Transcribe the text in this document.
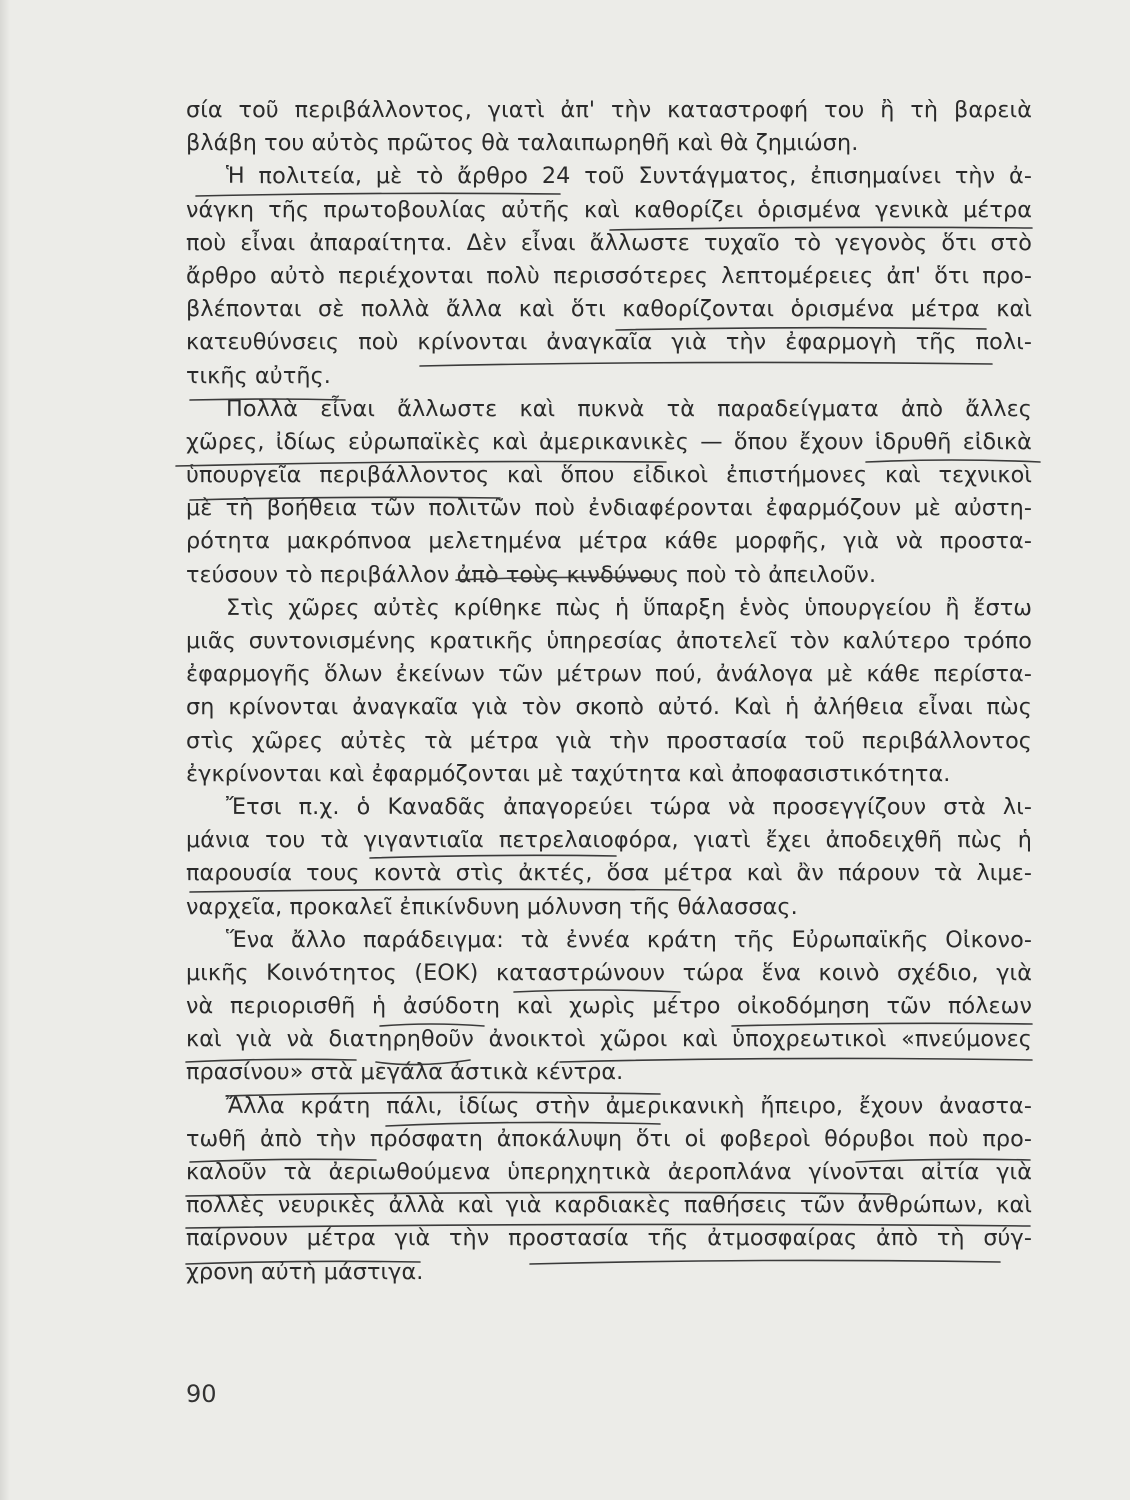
σία τοῦ περιβάλλοντος, γιατὶ ἀπ' τὴν καταστροφή του ἢ τὴ βαρειὰ
βλάβη του αὐτὸς πρῶτος θὰ ταλαιπωρηθῆ καὶ θὰ ζημιώση.
Ἡ πολιτεία, μὲ τὸ ἄρθρο 24 τοῦ Συντάγματος, ἐπισημαίνει τὴν ἀ-
νάγκη τῆς πρωτοβουλίας αὐτῆς καὶ καθορίζει ὁρισμένα γενικὰ μέτρα
ποὺ εἶναι ἀπαραίτητα. Δὲν εἶναι ἄλλωστε τυχαῖο τὸ γεγονὸς ὅτι στὸ
ἄρθρο αὐτὸ περιέχονται πολὺ περισσότερες λεπτομέρειες ἀπ' ὅτι προ-
βλέπονται σὲ πολλὰ ἄλλα καὶ ὅτι καθορίζονται ὁρισμένα μέτρα καὶ
κατευθύνσεις ποὺ κρίνονται ἀναγκαῖα γιὰ τὴν ἐφαρμογὴ τῆς πολι-
τικῆς αὐτῆς.
Πολλὰ εἶναι ἄλλωστε καὶ πυκνὰ τὰ παραδείγματα ἀπὸ ἄλλες
χῶρες, ἰδίως εὐρωπαϊκὲς καὶ ἀμερικανικὲς — ὅπου ἔχουν ἱδρυθῆ εἰδικὰ
ὑπουργεῖα περιβάλλοντος καὶ ὅπου εἰδικοὶ ἐπιστήμονες καὶ τεχνικοὶ
μὲ τὴ βοήθεια τῶν πολιτῶν ποὺ ἐνδιαφέρονται ἐφαρμόζουν μὲ αὐστη-
ρότητα μακρόπνοα μελετημένα μέτρα κάθε μορφῆς, γιὰ νὰ προστα-
τεύσουν τὸ περιβάλλον ἀπὸ τοὺς κινδύνους ποὺ τὸ ἀπειλοῦν.
Στὶς χῶρες αὐτὲς κρίθηκε πὼς ἡ ὕπαρξη ἑνὸς ὑπουργείου ἢ ἔστω
μιᾶς συντονισμένης κρατικῆς ὑπηρεσίας ἀποτελεῖ τὸν καλύτερο τρόπο
ἐφαρμογῆς ὅλων ἐκείνων τῶν μέτρων πού, ἀνάλογα μὲ κάθε περίστα-
ση κρίνονται ἀναγκαῖα γιὰ τὸν σκοπὸ αὐτό. Καὶ ἡ ἀλήθεια εἶναι πὼς
στὶς χῶρες αὐτὲς τὰ μέτρα γιὰ τὴν προστασία τοῦ περιβάλλοντος
ἐγκρίνονται καὶ ἐφαρμόζονται μὲ ταχύτητα καὶ ἀποφασιστικότητα.
Ἔτσι π.χ. ὁ Καναδᾶς ἀπαγορεύει τώρα νὰ προσεγγίζουν στὰ λι-
μάνια του τὰ γιγαντιαῖα πετρελαιοφόρα, γιατὶ ἔχει ἀποδειχθῆ πὼς ἡ
παρουσία τους κοντὰ στὶς ἀκτές, ὅσα μέτρα καὶ ἂν πάρουν τὰ λιμε-
ναρχεῖα, προκαλεῖ ἐπικίνδυνη μόλυνση τῆς θάλασσας.
Ἕνα ἄλλο παράδειγμα: τὰ ἐννέα κράτη τῆς Εὐρωπαϊκῆς Οἰκονο-
μικῆς Κοινότητος (ΕΟΚ) καταστρώνουν τώρα ἕνα κοινὸ σχέδιο, γιὰ
νὰ περιορισθῆ ἡ ἀσύδοτη καὶ χωρὶς μέτρο οἰκοδόμηση τῶν πόλεων
καὶ γιὰ νὰ διατηρηθοῦν ἀνοικτοὶ χῶροι καὶ ὑποχρεωτικοὶ «πνεύμονες
πρασίνου» στὰ μεγάλα ἀστικὰ κέντρα.
Ἄλλα κράτη πάλι, ἰδίως στὴν ἀμερικανικὴ ἤπειρο, ἔχουν ἀναστα-
τωθῆ ἀπὸ τὴν πρόσφατη ἀποκάλυψη ὅτι οἱ φοβεροὶ θόρυβοι ποὺ προ-
καλοῦν τὰ ἀεριωθούμενα ὑπερηχητικὰ ἀεροπλάνα γίνονται αἰτία γιὰ
πολλὲς νευρικὲς ἀλλὰ καὶ γιὰ καρδιακὲς παθήσεις τῶν ἀνθρώπων, καὶ
παίρνουν μέτρα γιὰ τὴν προστασία τῆς ἀτμοσφαίρας ἀπὸ τὴ σύγ-
χρονη αὐτὴ μάστιγα.
90
